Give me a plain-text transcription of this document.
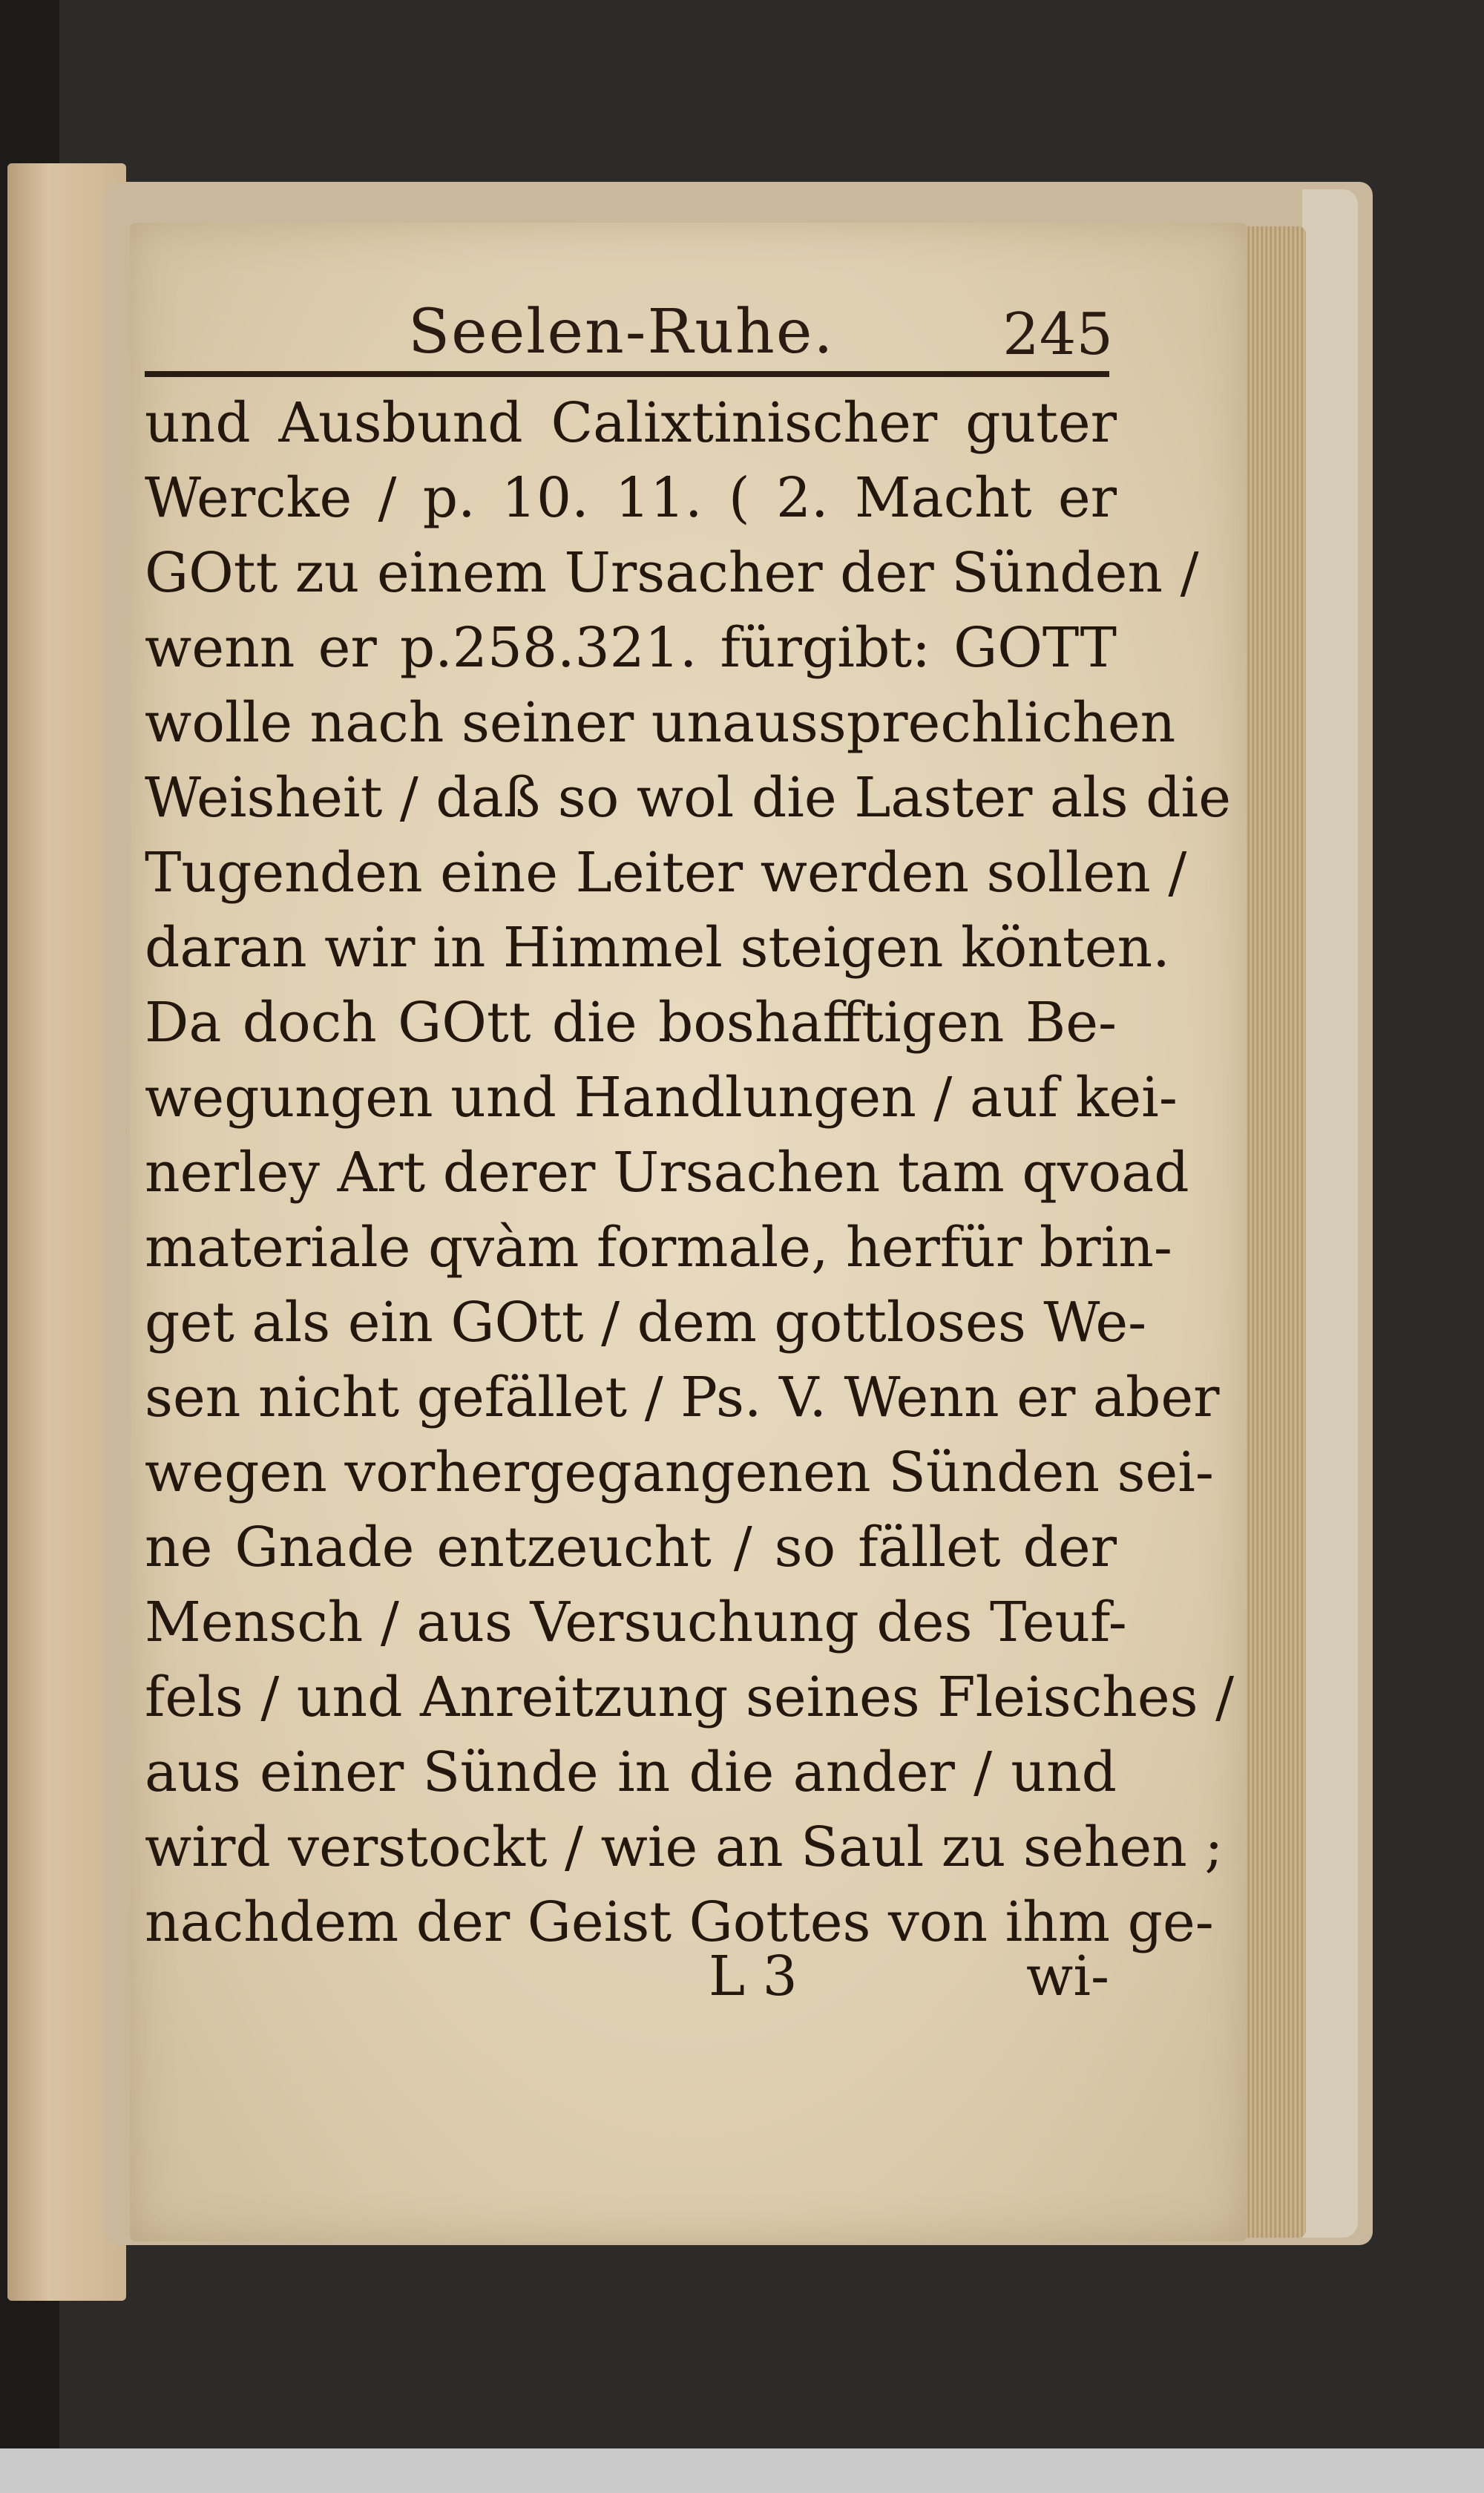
Seelen-Ruhe.	245
und Ausbund Calixtinischer guter
Wercke / p. 10. 11. ( 2. Macht er
GOtt zu einem Ursacher der Sünden /
wenn er p.258.321. fürgibt: GOTT
wolle nach seiner unaussprechlichen
Weisheit / daß so wol die Laster als die
Tugenden eine Leiter werden sollen /
daran wir in Himmel steigen könten.
Da doch GOtt die boshafftigen Be-
wegungen und Handlungen / auf kei-
nerley Art derer Ursachen tam qvoad
materiale qvàm formale, herfür brin-
get als ein GOtt / dem gottloses We-
sen nicht gefället / Ps. V. Wenn er aber
wegen vorhergegangenen Sünden sei-
ne Gnade entzeucht / so fället der
Mensch / aus Versuchung des Teuf-
fels / und Anreitzung seines Fleisches /
aus einer Sünde in die ander / und
wird verstockt / wie an Saul zu sehen ;
nachdem der Geist Gottes von ihm ge-
L 3	wi-
